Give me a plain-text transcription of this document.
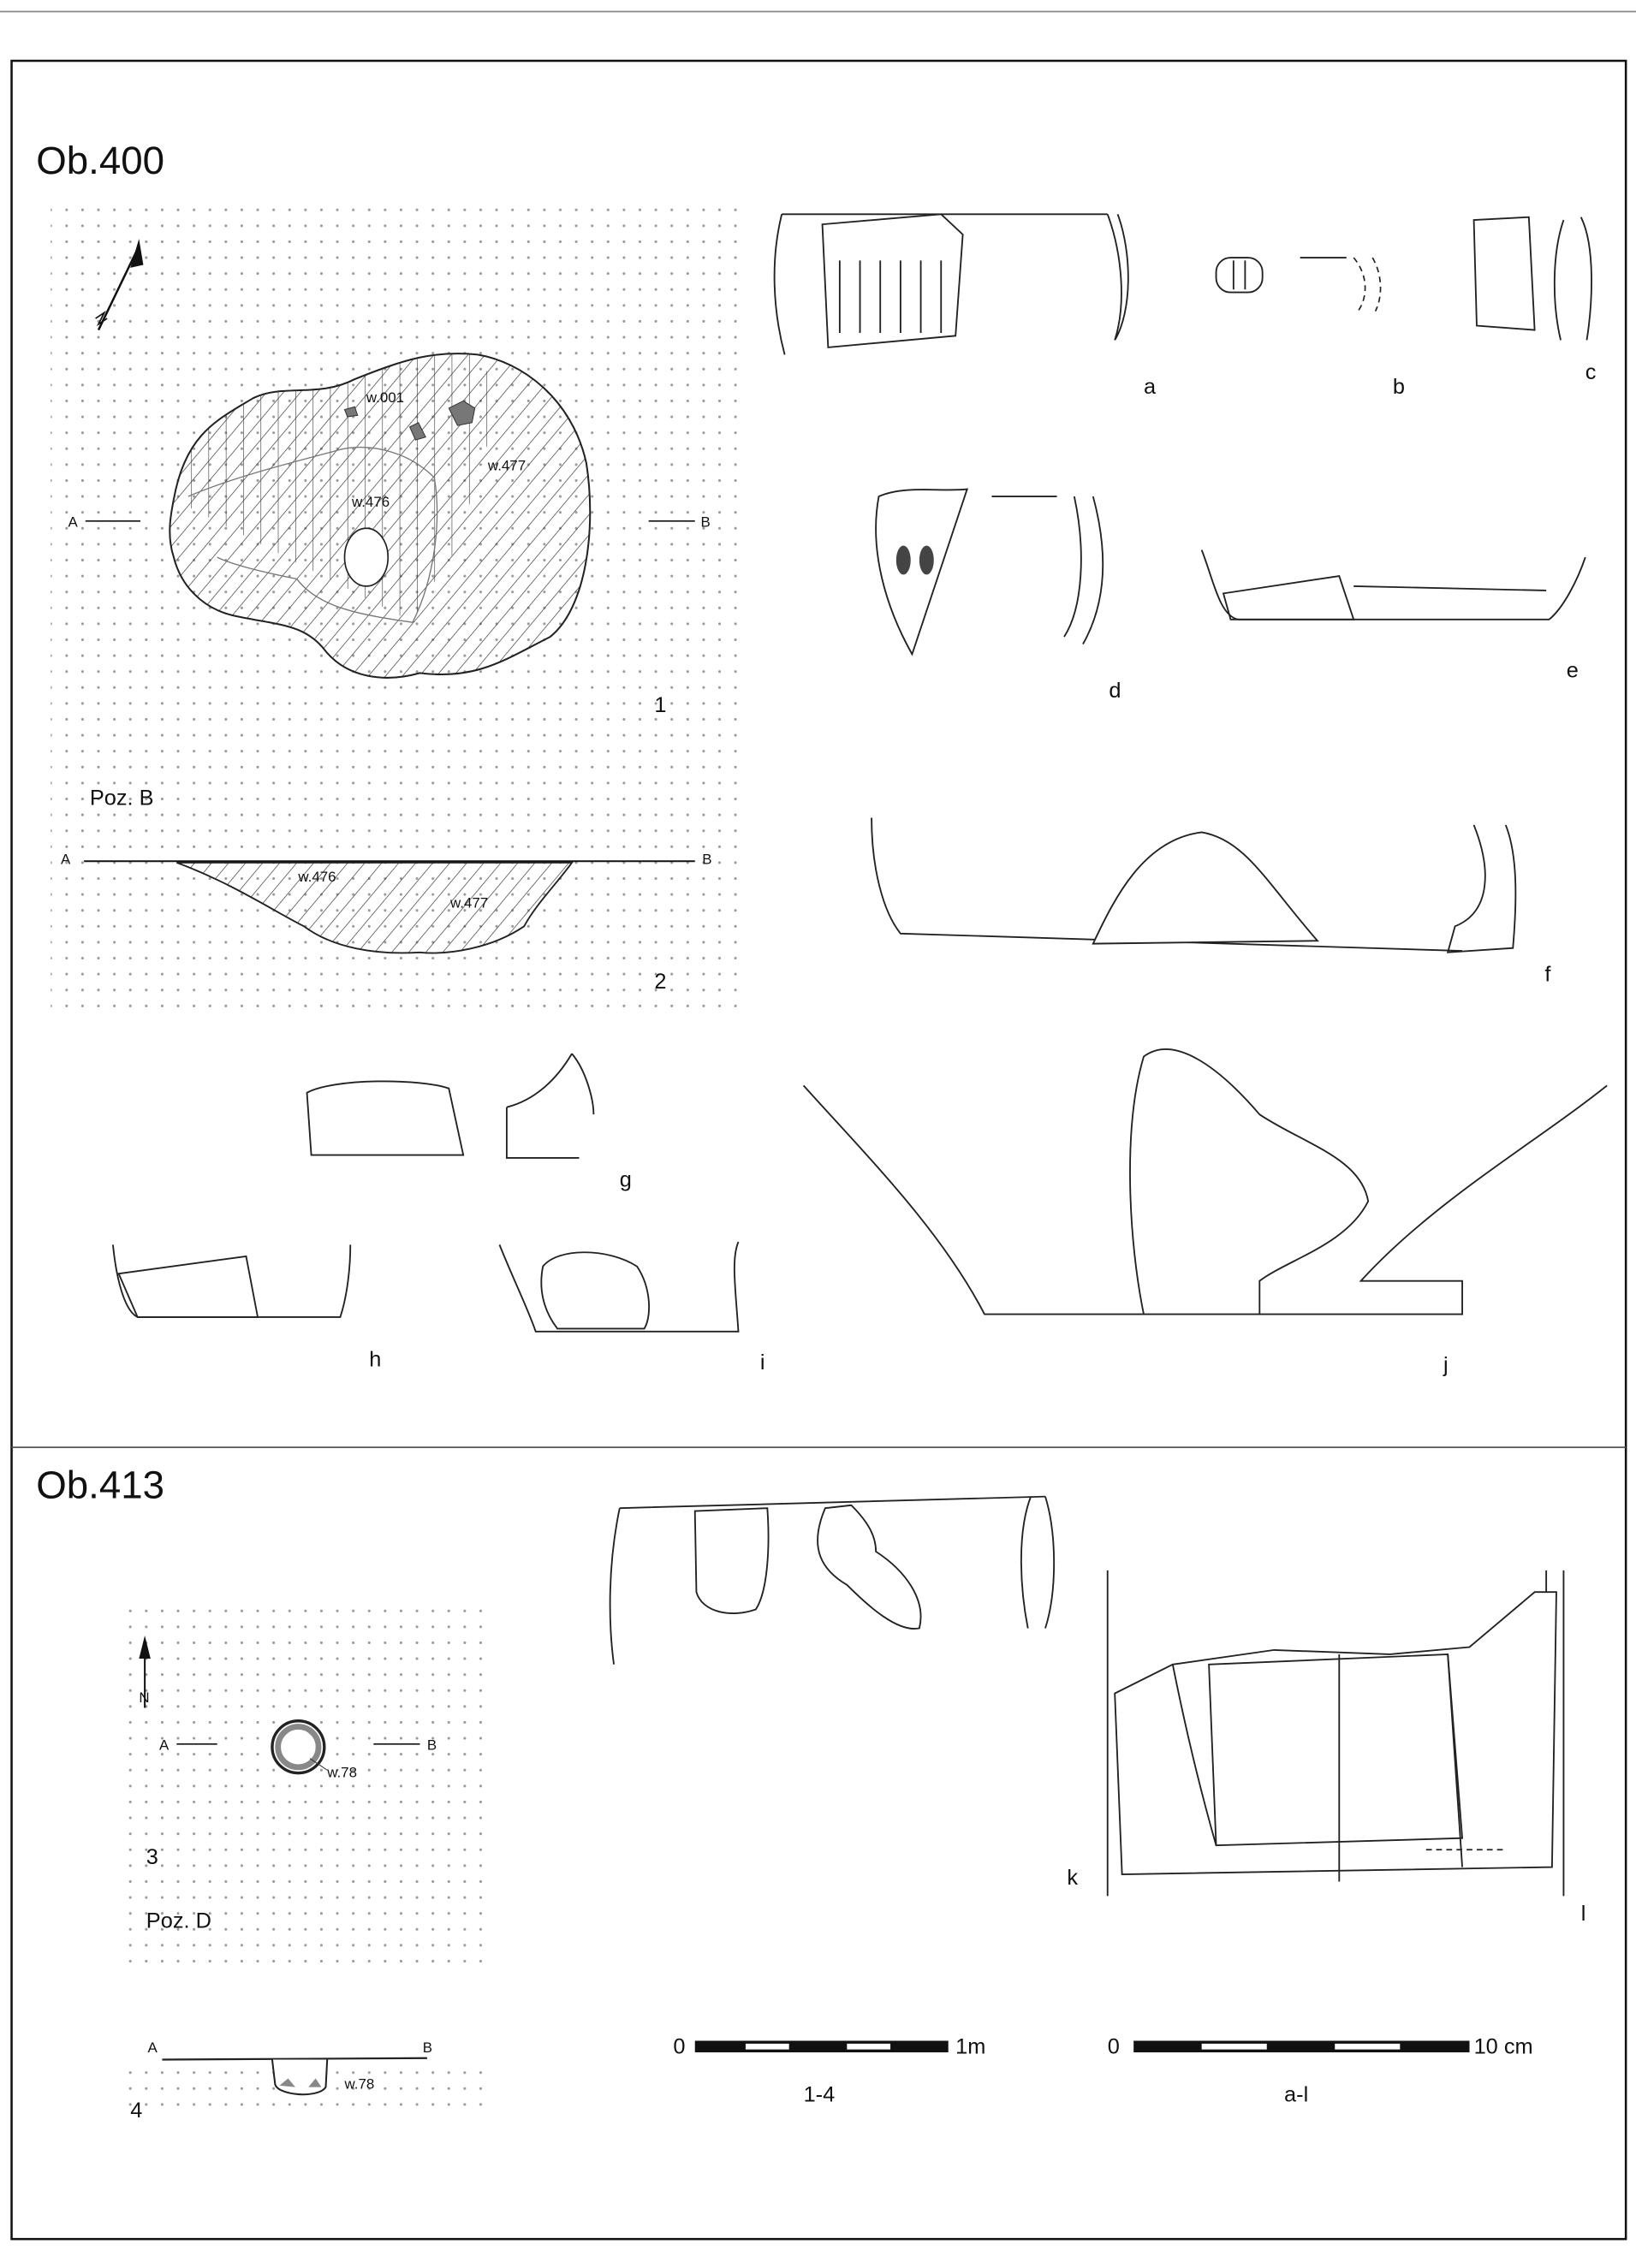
Ob.400
w.001
w.477
w.476
A	B
1
Poz. B
A	B
w.476
w.477
2
a	b
c
d
e
f
g
h	i	j
Ob.413
N
A	B
w.78
3
Poz. D
A	B
w.78
4
k
l
0	1m
1-4
0	10 cm
a-l
